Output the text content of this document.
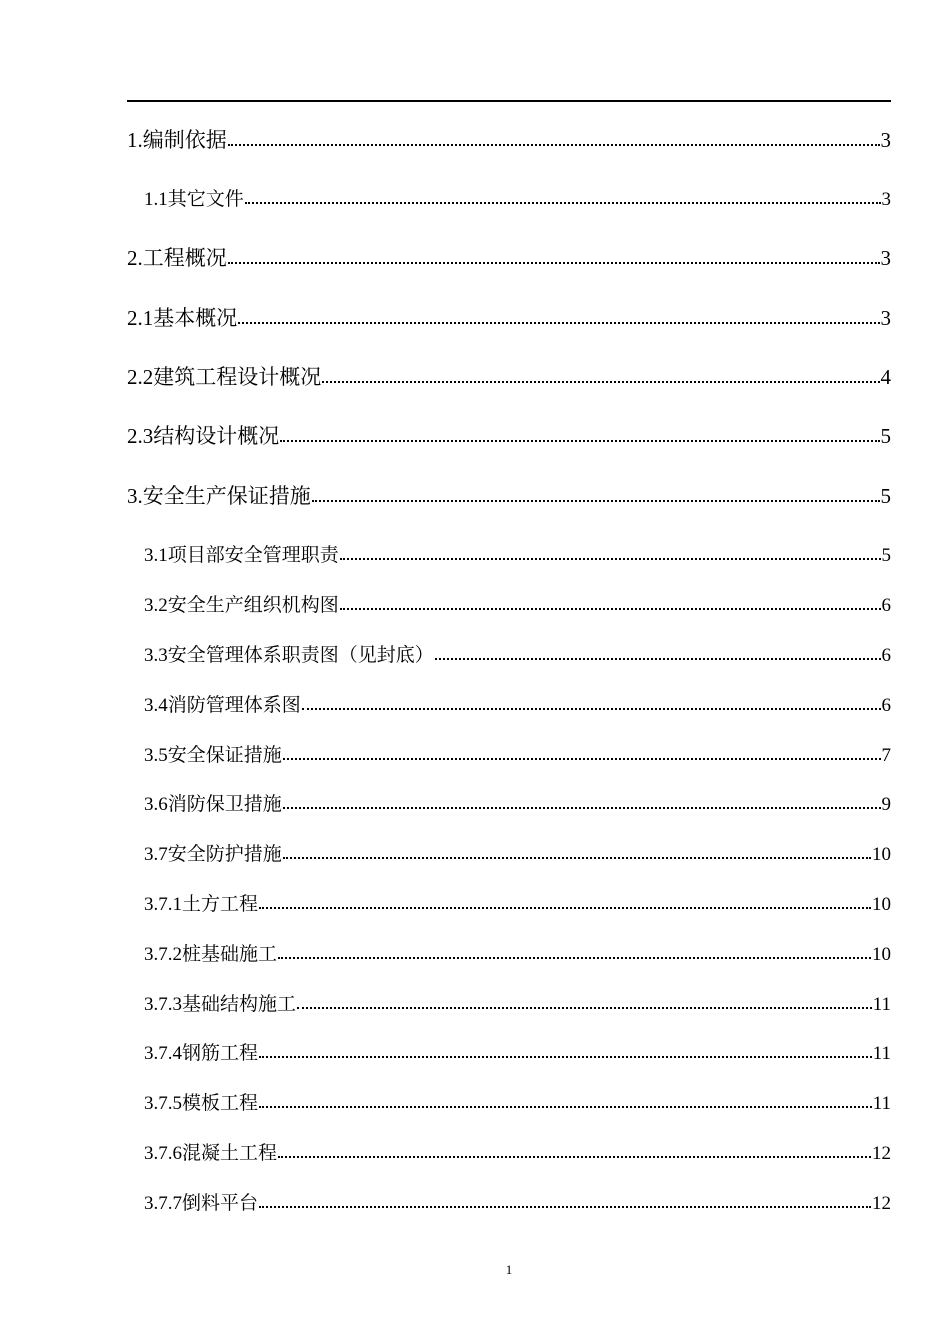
1. 编制依据	3
1.1 其它文件	3
2. 工程概况	3
2.1 基本概况	3
2.2 建筑工程设计概况	4
2.3 结构设计概况	5
3. 安全生产保证措施	5
3.1 项目部安全管理职责	5
3.2 安全生产组织机构图	6
3.3 安全管理体系职责图（见封底）	6
3.4 消防管理体系图	6
3.5 安全保证措施	7
3.6 消防保卫措施	9
3.7 安全防护措施	10
3.7.1 土方工程	10
3.7.2 桩基础施工	10
3.7.3 基础结构施工	11
3.7.4 钢筋工程	11
3.7.5 模板工程	11
3.7.6 混凝土工程	12
3.7.7 倒料平台	12
1
